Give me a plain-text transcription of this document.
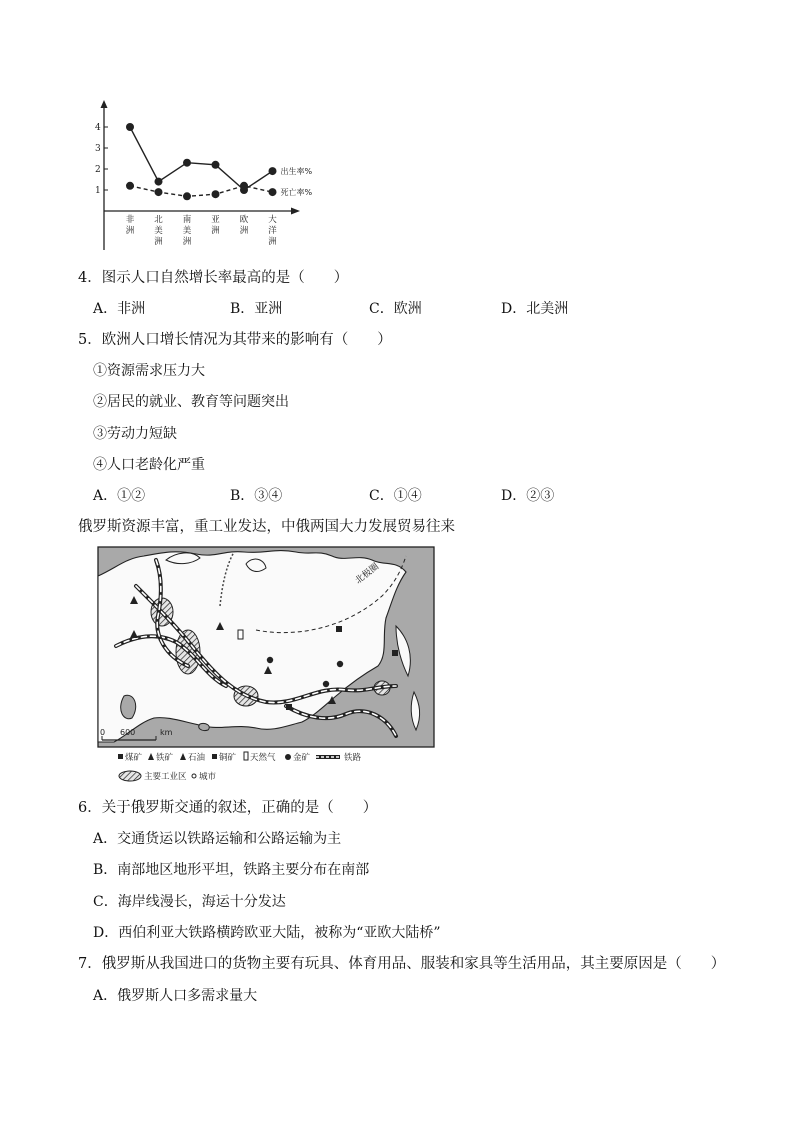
1
2
3
4
非洲
北美洲
南美洲
亚洲
欧洲
大洋洲
出生率%
死亡率%
4．图示人口自然增长率最高的是（　　）
A．非洲	B．亚洲	C．欧洲	D．北美洲
5．欧洲人口增长情况为其带来的影响有（　　）
①资源需求压力大
②居民的就业、教育等问题突出
③劳动力短缺
④人口老龄化严重
A．①②	B．③④	C．①④	D．②③
俄罗斯资源丰富，重工业发达，中俄两国大力发展贸易往来
北极圈
0 600	km
煤矿 铁矿 石油 铜矿 天然气 金矿	铁路
主要工业区 城市
6．关于俄罗斯交通的叙述，正确的是（　　）
A．交通货运以铁路运输和公路运输为主
B．南部地区地形平坦，铁路主要分布在南部
C．海岸线漫长，海运十分发达
D．西伯利亚大铁路横跨欧亚大陆，被称为“亚欧大陆桥”
7．俄罗斯从我国进口的货物主要有玩具、体育用品、服装和家具等生活用品，其主要原因是（　　）
A．俄罗斯人口多需求量大
